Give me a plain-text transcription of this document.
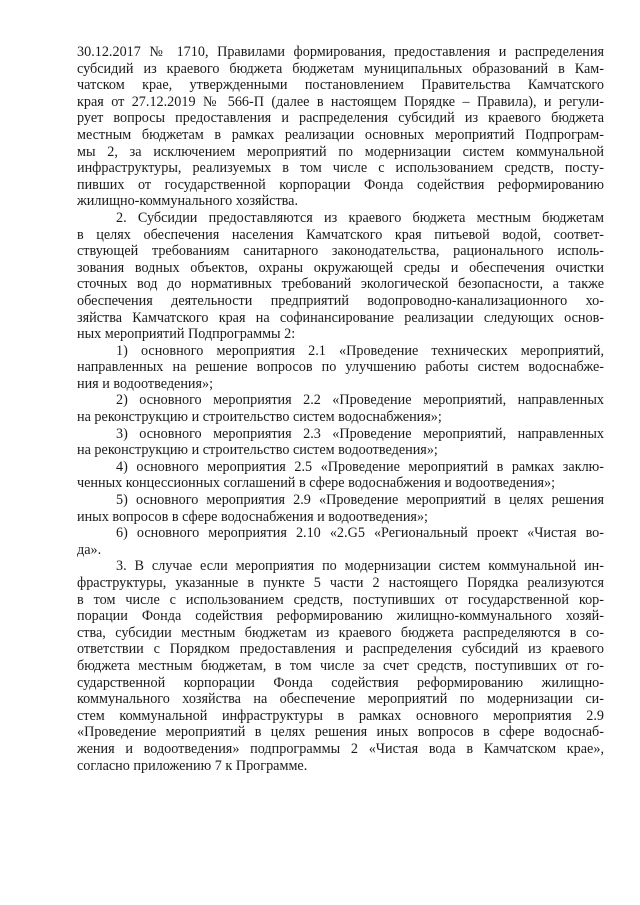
30.12.2017 № 1710, Правилами формирования, предоставления и распределения
субсидий из краевого бюджета бюджетам муниципальных образований в Кам-
чатском крае, утвержденными постановлением Правительства Камчатского
края от 27.12.2019 № 566-П (далее в настоящем Порядке – Правила), и регули-
рует вопросы предоставления и распределения субсидий из краевого бюджета
местным бюджетам в рамках реализации основных мероприятий Подпрограм-
мы 2, за исключением мероприятий по модернизации систем коммунальной
инфраструктуры, реализуемых в том числе с использованием средств, посту-
пивших от государственной корпорации Фонда содействия реформированию
жилищно-коммунального хозяйства.

2. Субсидии предоставляются из краевого бюджета местным бюджетам
в целях обеспечения населения Камчатского края питьевой водой, соответ-
ствующей требованиям санитарного законодательства, рационального исполь-
зования водных объектов, охраны окружающей среды и обеспечения очистки
сточных вод до нормативных требований экологической безопасности, а также
обеспечения деятельности предприятий водопроводно-канализационного хо-
зяйства Камчатского края на софинансирование реализации следующих основ-
ных мероприятий Подпрограммы 2:

1) основного мероприятия 2.1 «Проведение технических мероприятий,
направленных на решение вопросов по улучшению работы систем водоснабже-
ния и водоотведения»;

2) основного мероприятия 2.2 «Проведение мероприятий, направленных
на реконструкцию и строительство систем водоснабжения»;

3) основного мероприятия 2.3 «Проведение мероприятий, направленных
на реконструкцию и строительство систем водоотведения»;

4) основного мероприятия 2.5 «Проведение мероприятий в рамках заклю-
ченных концессионных соглашений в сфере водоснабжения и водоотведения»;

5) основного мероприятия 2.9 «Проведение мероприятий в целях решения
иных вопросов в сфере водоснабжения и водоотведения»;

6) основного мероприятия 2.10 «2.G5 «Региональный проект «Чистая во-
да».

3. В случае если мероприятия по модернизации систем коммунальной ин-
фраструктуры, указанные в пункте 5 части 2 настоящего Порядка реализуются
в том числе с использованием средств, поступивших от государственной кор-
порации Фонда содействия реформированию жилищно-коммунального хозяй-
ства, субсидии местным бюджетам из краевого бюджета распределяются в со-
ответствии с Порядком предоставления и распределения субсидий из краевого
бюджета местным бюджетам, в том числе за счет средств, поступивших от го-
сударственной корпорации Фонда содействия реформированию жилищно-
коммунального хозяйства на обеспечение мероприятий по модернизации си-
стем коммунальной инфраструктуры в рамках основного мероприятия 2.9
«Проведение мероприятий в целях решения иных вопросов в сфере водоснаб-
жения и водоотведения» подпрограммы 2 «Чистая вода в Камчатском крае»,
согласно приложению 7 к Программе.
